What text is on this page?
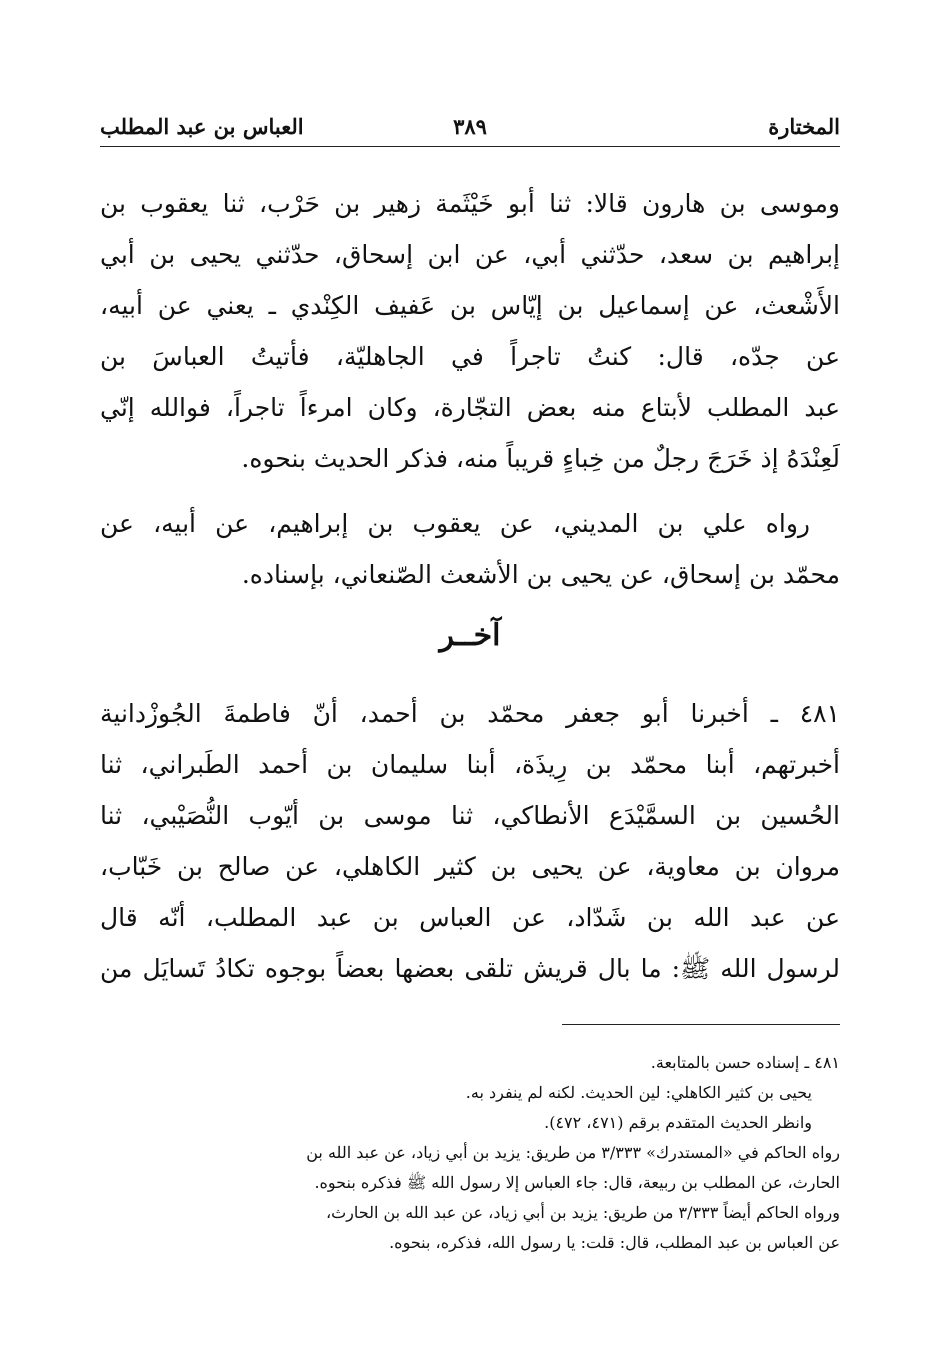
المختارة
٣٨٩
العباس بن عبد المطلب
وموسى بن هارون قالا: ثنا أبو خَيْثَمة زهير بن حَرْب، ثنا يعقوب بن
إبراهيم بن سعد، حدّثني أبي، عن ابن إسحاق، حدّثني يحيى بن أبي
الأَشْعث، عن إسماعيل بن إيّاس بن عَفيف الكِنْدي ـ يعني عن أبيه،
عن جدّه، قال: كنتُ تاجراً في الجاهليّة، فأتيتُ العباسَ بن
عبد المطلب لأبتاع منه بعض التجّارة، وكان امرءاً تاجراً، فوالله إنّي
لَعِنْدَهُ إذ خَرَجَ رجلٌ من خِباءٍ قريباً منه، فذكر الحديث بنحوه.
رواه علي بن المديني، عن يعقوب بن إبراهيم، عن أبيه، عن
محمّد بن إسحاق، عن يحيى بن الأشعث الصّنعاني، بإسناده.
آخــر
٤٨١ ـ أخبرنا أبو جعفر محمّد بن أحمد، أنّ فاطمةَ الجُوزْدانية
أخبرتهم، أبنا محمّد بن رِيذَة، أبنا سليمان بن أحمد الطَبراني، ثنا
الحُسين بن السمَّيْدَع الأنطاكي، ثنا موسى بن أيّوب النُّصَيْبي، ثنا
مروان بن معاوية، عن يحيى بن كثير الكاهلي، عن صالح بن خَبّاب،
عن عبد الله بن شَدّاد، عن العباس بن عبد المطلب، أنّه قال
لرسول الله ﷺ: ما بال قريش تلقى بعضها بعضاً بوجوه تكادُ تَسايَل من
٤٨١ ـ إسناده حسن بالمتابعة.
يحيى بن كثير الكاهلي: لين الحديث. لكنه لم ينفرد به.
وانظر الحديث المتقدم برقم (٤٧١، ٤٧٢).
رواه الحاكم في «المستدرك» ٣/٣٣٣ من طريق: يزيد بن أبي زياد، عن عبد الله بن
الحارث، عن المطلب بن ربيعة، قال: جاء العباس إلا رسول الله ﷺ فذكره بنحوه.
ورواه الحاكم أيضاً ٣/٣٣٣ من طريق: يزيد بن أبي زياد، عن عبد الله بن الحارث،
عن العباس بن عبد المطلب، قال: قلت: يا رسول الله، فذكره، بنحوه.
